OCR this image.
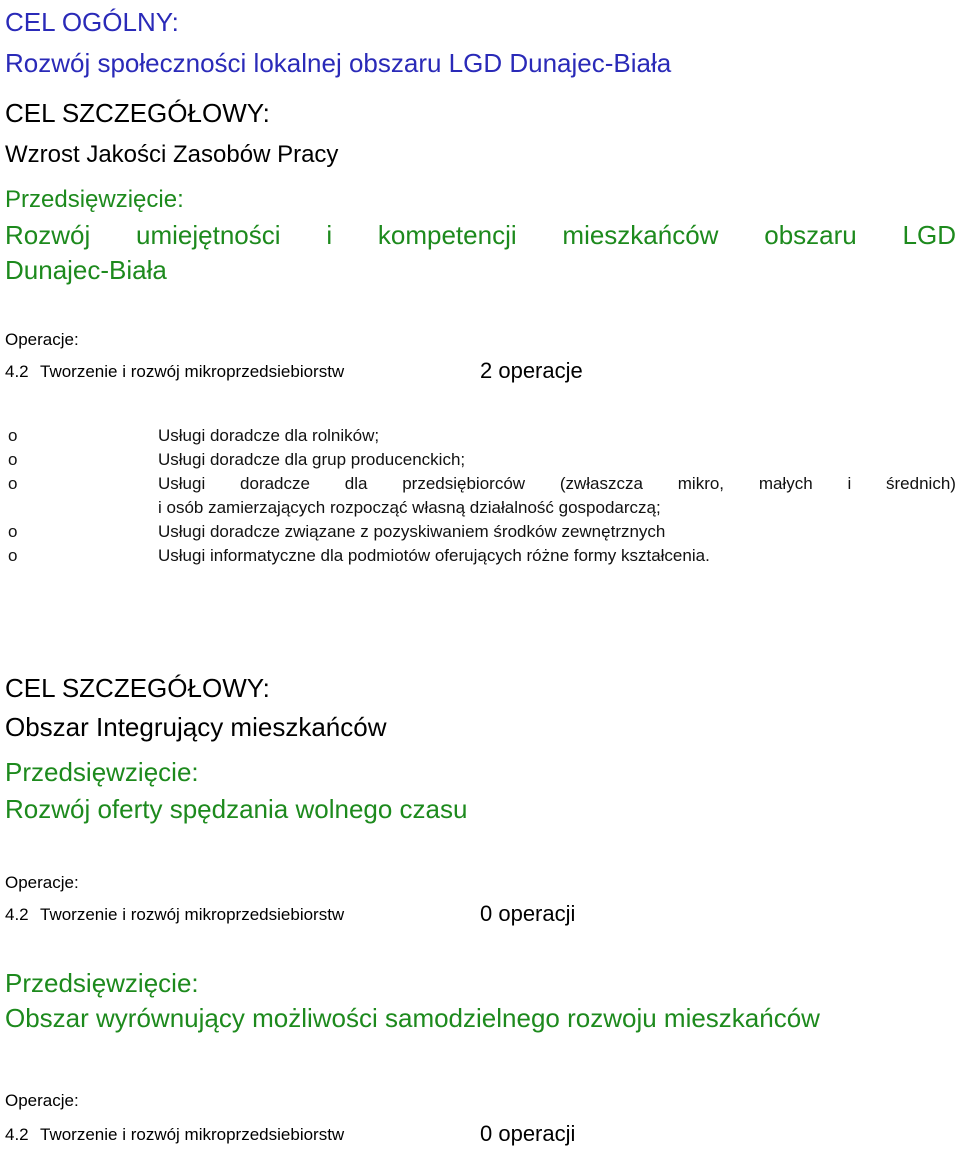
CEL OGÓLNY:
Rozwój społeczności lokalnej obszaru LGD Dunajec-Biała
CEL SZCZEGÓŁOWY:
Wzrost Jakości Zasobów Pracy
Przedsięwzięcie:
Rozwój umiejętności i kompetencji mieszkańców obszaru LGD
Dunajec-Biała
Operacje:
4.2 Tworzenie i rozwój mikroprzedsiebiorstw	2 operacje
o	Usługi doradcze dla rolników;
o	Usługi doradcze dla grup producenckich;
o	Usługi doradcze dla przedsiębiorców (zwłaszcza mikro, małych i średnich)
i osób zamierzających rozpocząć własną działalność gospodarczą;
o	Usługi doradcze związane z pozyskiwaniem środków zewnętrznych
o	Usługi informatyczne dla podmiotów oferujących różne formy kształcenia.
CEL SZCZEGÓŁOWY:
Obszar Integrujący mieszkańców
Przedsięwzięcie:
Rozwój oferty spędzania wolnego czasu
Operacje:
4.2 Tworzenie i rozwój mikroprzedsiebiorstw	0 operacji
Przedsięwzięcie:
Obszar wyrównujący możliwości samodzielnego rozwoju mieszkańców
Operacje:
4.2 Tworzenie i rozwój mikroprzedsiebiorstw	0 operacji
